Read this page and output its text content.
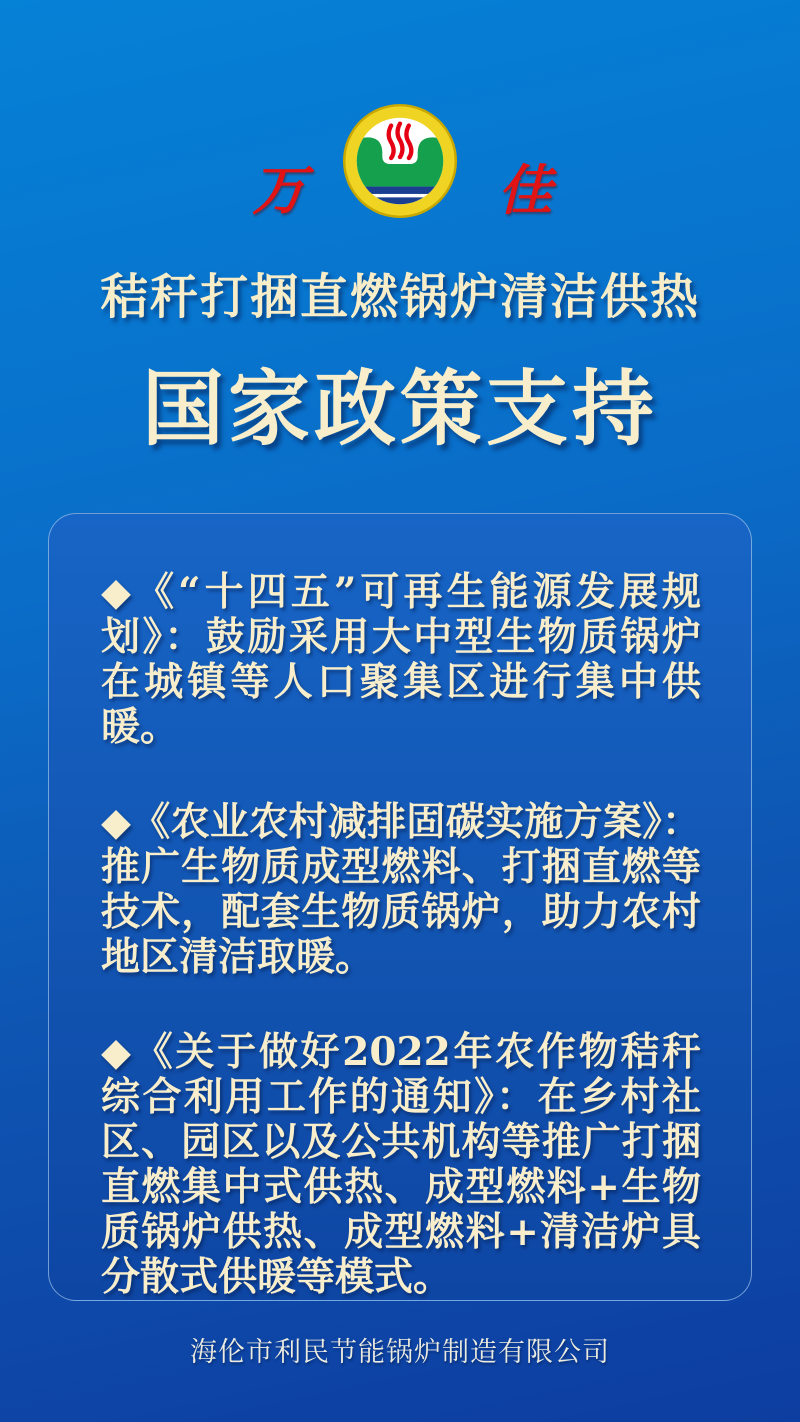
万	佳
秸秆打捆直燃锅炉清洁供热
国家政策支持

◆《“十四五”可再生能源发展规划》：鼓励采用大中型生物质锅炉在城镇等人口聚集区进行集中供暖。

◆《农业农村减排固碳实施方案》：推广生物质成型燃料、打捆直燃等技术，配套生物质锅炉，助力农村地区清洁取暖。

◆《关于做好2022年农作物秸秆综合利用工作的通知》：在乡村社区、园区以及公共机构等推广打捆直燃集中式供热、成型燃料+生物质锅炉供热、成型燃料+清洁炉具分散式供暖等模式。

海伦市利民节能锅炉制造有限公司
